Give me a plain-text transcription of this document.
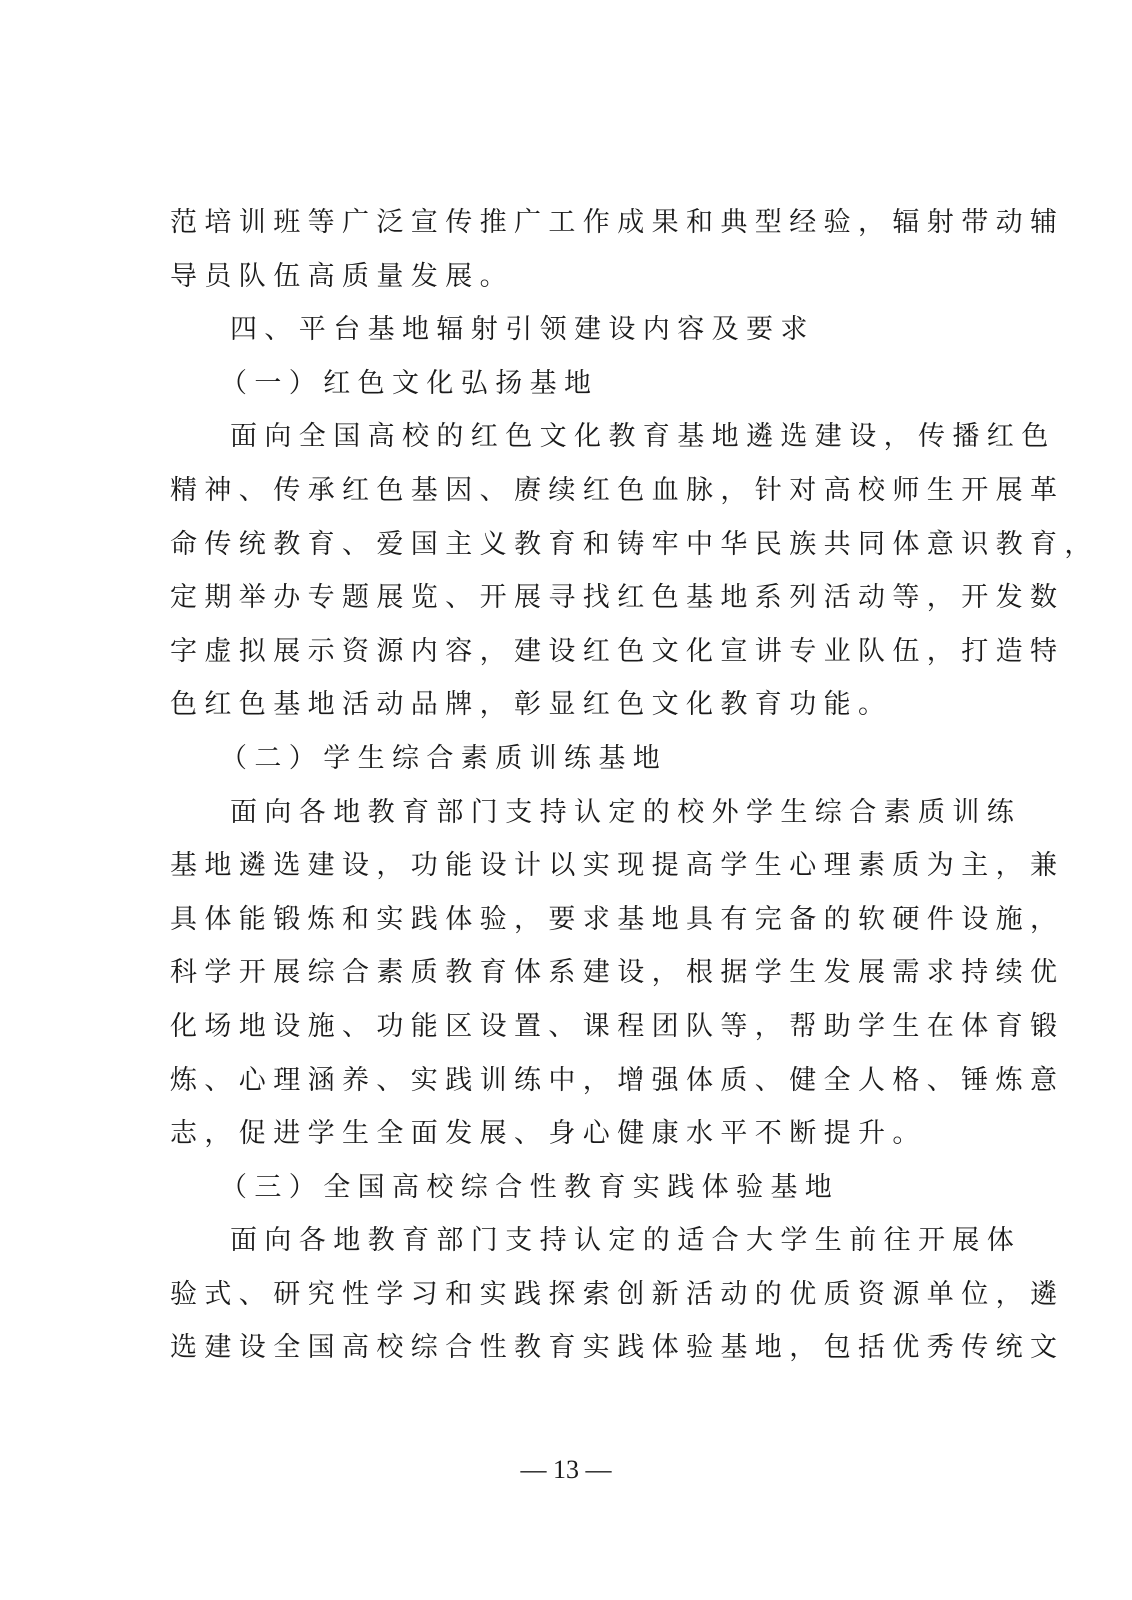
范培训班等广泛宣传推广工作成果和典型经验，辐射带动辅
导员队伍高质量发展。
四、平台基地辐射引领建设内容及要求
（一）红色文化弘扬基地
面向全国高校的红色文化教育基地遴选建设，传播红色
精神、传承红色基因、赓续红色血脉，针对高校师生开展革
命传统教育、爱国主义教育和铸牢中华民族共同体意识教育，
定期举办专题展览、开展寻找红色基地系列活动等，开发数
字虚拟展示资源内容，建设红色文化宣讲专业队伍，打造特
色红色基地活动品牌，彰显红色文化教育功能。
（二）学生综合素质训练基地
面向各地教育部门支持认定的校外学生综合素质训练
基地遴选建设，功能设计以实现提高学生心理素质为主，兼
具体能锻炼和实践体验，要求基地具有完备的软硬件设施，
科学开展综合素质教育体系建设，根据学生发展需求持续优
化场地设施、功能区设置、课程团队等，帮助学生在体育锻
炼、心理涵养、实践训练中，增强体质、健全人格、锤炼意
志，促进学生全面发展、身心健康水平不断提升。
（三）全国高校综合性教育实践体验基地
面向各地教育部门支持认定的适合大学生前往开展体
验式、研究性学习和实践探索创新活动的优质资源单位，遴
选建设全国高校综合性教育实践体验基地，包括优秀传统文
— 13 —
